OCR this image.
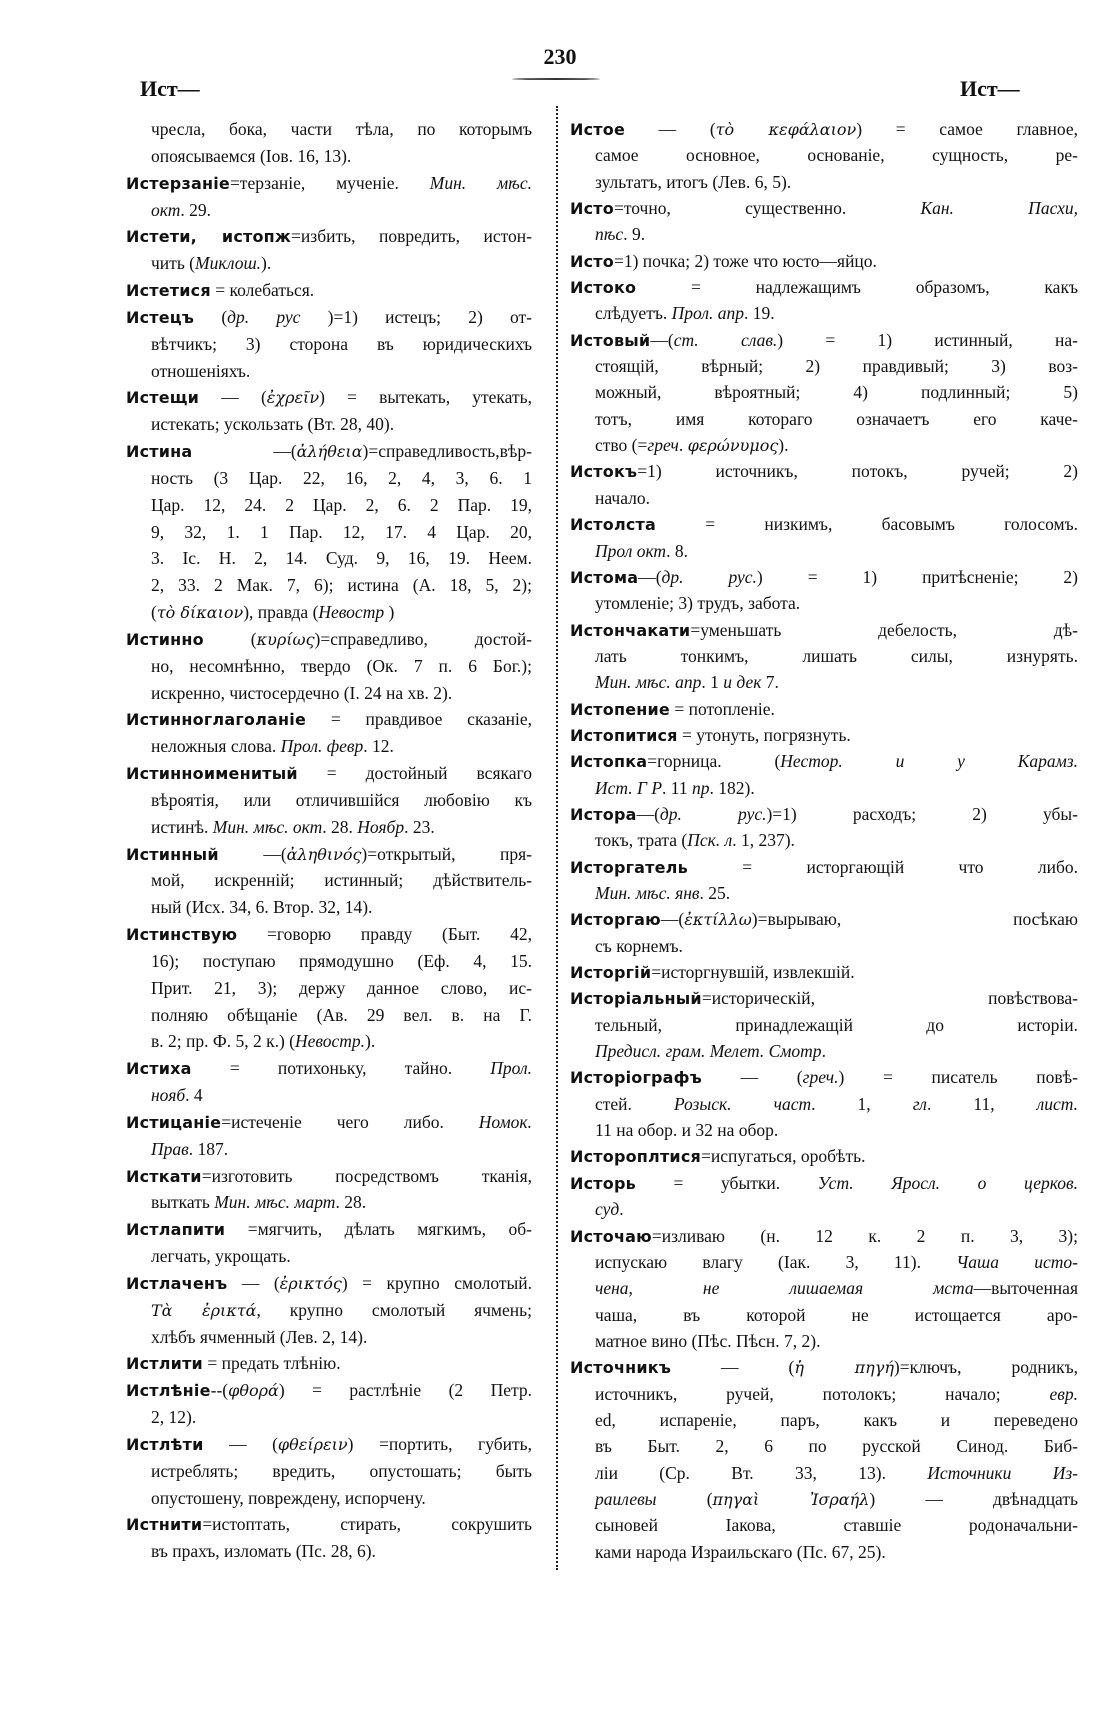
230
Ист—	Ист—
чресла, бока, части тѣла, по которымъ
опоясываемся (Іов. 16, 13).
Истерзаніе=терзаніе, мученіе. Мин. мѣс.
окт. 29.
Истети, истопж=избить, повредить, истон-
чить (Миклош.).
Истетися = колебаться.
Истецъ (др. рус )=1) истецъ; 2) от-
вѣтчикъ; 3) сторона въ юридическихъ
отношеніяхъ.
Истещи — (ἐχρεῖν) = вытекать, утекать,
истекать; ускользать (Вт. 28, 40).
Истина —(ἀλήθεια)=справедливость,вѣр-
ность (3 Цар. 22, 16, 2, 4, 3, 6. 1
Цар. 12, 24. 2 Цар. 2, 6. 2 Пар. 19,
9, 32, 1. 1 Пар. 12, 17. 4 Цар. 20,
3. Іс. Н. 2, 14. Суд. 9, 16, 19. Неем.
2, 33. 2 Мак. 7, 6); истина (А. 18, 5, 2);
(τὸ δίκαιον), правда (Невостр )
Истинно (κυρίως)=справедливо, достой-
но, несомнѣнно, твердо (Ок. 7 п. 6 Бог.);
искренно, чистосердечно (I. 24 на хв. 2).
Истинноглаголаніе = правдивое сказаніе,
неложныя слова. Прол. февр. 12.
Истинноименитый = достойный всякаго
вѣроятія, или отличившійся любовію къ
истинѣ. Мин. мѣс. окт. 28. Ноябр. 23.
Истинный —(ἀληθινός)=открытый, пря-
мой, искренній; истинный; дѣйствитель-
ный (Исх. 34, 6. Втор. 32, 14).
Истинствую =говорю правду (Быт. 42,
16); поступаю прямодушно (Еф. 4, 15.
Прит. 21, 3); держу данное слово, ис-
полняю обѣщаніе (Ав. 29 вел. в. на Г.
в. 2; пр. Ф. 5, 2 к.) (Невостр.).
Истиха = потихоньку, тайно. Прол.
нояб. 4
Истицаніе=истеченіе чего либо. Номок.
Прав. 187.
Исткати=изготовить посредствомъ тканія,
выткать Мин. мѣс. март. 28.
Истлапити =мягчить, дѣлать мягкимъ, об-
легчать, укрощать.
Истлаченъ — (ἐρικτός) = крупно смолотый.
Τὰ ἐρικτά, крупно смолотый ячмень;
хлѣбъ ячменный (Лев. 2, 14).
Истлити = предать тлѣнію.
Истлѣніе--(φθορά) = растлѣніе (2 Петр.
2, 12).
Истлѣти — (φθείρειν) =портить, губить,
истреблять; вредить, опустошать; быть
опустошену, повреждену, испорчену.
Истнити=истоптать, стирать, сокрушить
въ прахъ, изломать (Пс. 28, 6).
Истое — (τὸ κεφάλαιον) = самое главное,
самое основное, основаніе, сущность, ре-
зультатъ, итогъ (Лев. 6, 5).
Исто=точно, существенно. Кан. Пасхи,
пѣс. 9.
Исто=1) почка; 2) тоже что юсто—яйцо.
Истоко = надлежащимъ образомъ, какъ
слѣдуетъ. Прол. апр. 19.
Истовый—(ст. слав.) = 1) истинный, на-
стоящій, вѣрный; 2) правдивый; 3) воз-
можный, вѣроятный; 4) подлинный; 5)
тотъ, имя котораго означаетъ его каче-
ство (=греч. φερώνυμος).
Истокъ=1) источникъ, потокъ, ручей; 2)
начало.
Истолста = низкимъ, басовымъ голосомъ.
Прол окт. 8.
Истома—(др. рус.) = 1) притѣсненіе; 2)
утомленіе; 3) трудъ, забота.
Истончакати=уменьшать дебелость, дѣ-
лать тонкимъ, лишать силы, изнурять.
Мин. мѣс. апр. 1 и дек 7.
Истопение = потопленіе.
Истопитися = утонуть, погрязнуть.
Истопка=горница. (Нестор. и у Карамз.
Ист. Г Р. 11 пр. 182).
Истора—(др. рус.)=1) расходъ; 2) убы-
токъ, трата (Пск. л. 1, 237).
Исторгатель = исторгающій что либо.
Мин. мѣс. янв. 25.
Исторгаю—(ἐκτίλλω)=вырываю, посѣкаю
съ корнемъ.
Исторгій=исторгнувшій, извлекшій.
Исторіальный=историческій, повѣствова-
тельный, принадлежащій до исторіи.
Предисл. грам. Мелет. Смотр.
Исторіографъ — (греч.) = писатель повѣ-
стей. Розыск. част. 1, гл. 11, лист.
11 на обор. и 32 на обор.
Истороплтися=испугаться, оробѣть.
Исторь = убытки. Уст. Яросл. о церков.
суд.
Источаю=изливаю (н. 12 к. 2 п. 3, 3);
испускаю влагу (Іак. 3, 11). Чаша исто-
чена, не лишаемая мста—выточенная
чаша, въ которой не истощается аро-
матное вино (Пѣс. Пѣсн. 7, 2).
Источникъ — (ἡ πηγή)=ключъ, родникъ,
источникъ, ручей, потолокъ; начало; евр.
ed, испареніе, паръ, какъ и переведено
въ Быт. 2, 6 по русской Синод. Биб-
ліи (Ср. Вт. 33, 13). Источники Из-
раилевы (πηγαὶ Ἰσραήλ) — двѣнадцать
сыновей Іакова, ставшіе родоначальни-
ками народа Израильскаго (Пс. 67, 25).
